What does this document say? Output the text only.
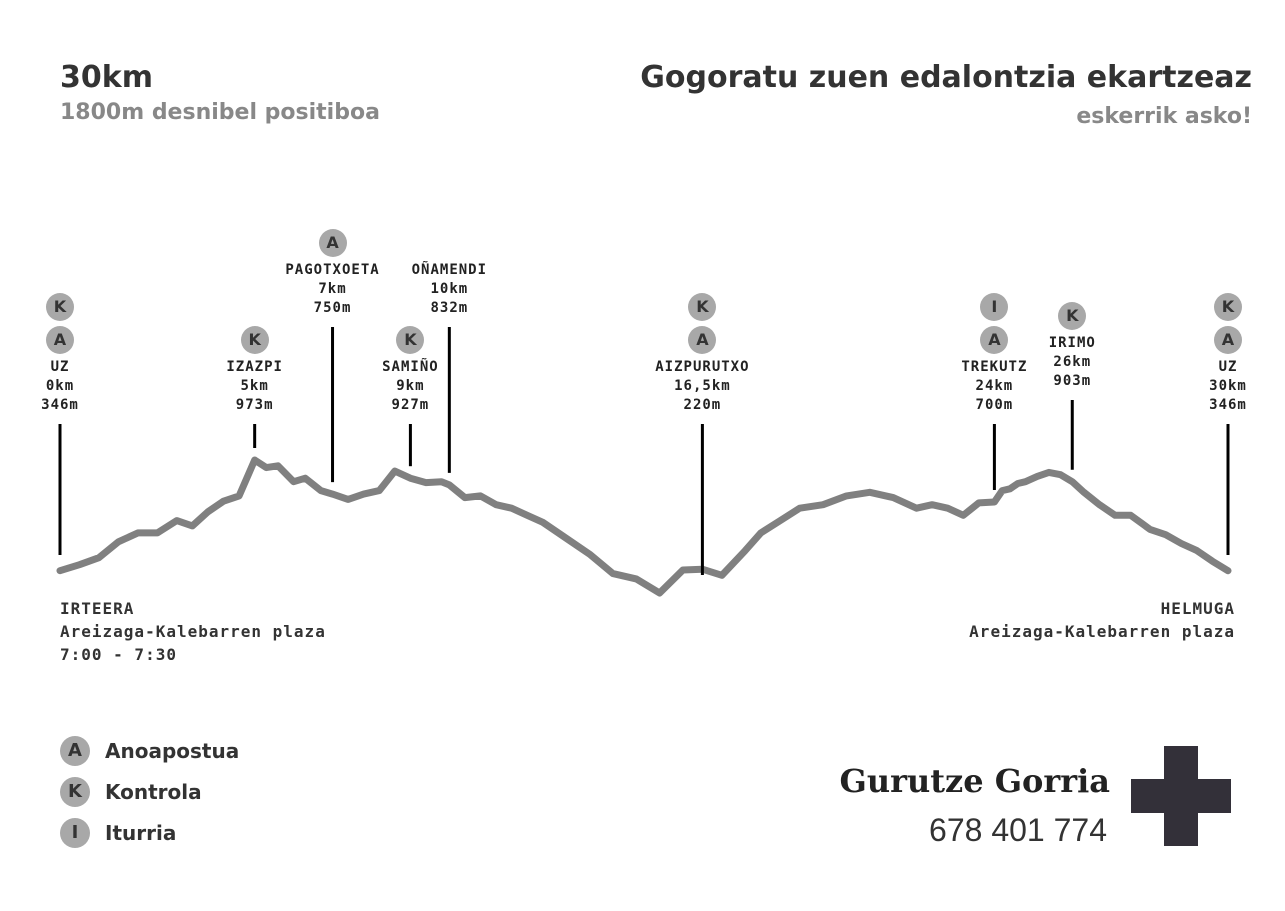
30km
1800m desnibel positiboa
Gogoratu zuen edalontzia ekartzeaz
eskerrik asko!
UZ
0km
346m
K
A
IZAZPI
5km
973m
K
PAGOTXOETA
7km
750m
A
SAMIÑO
9km
927m
K
OÑAMENDI
10km
832m
AIZPURUTXO
16,5km
220m
K
A
TREKUTZ
24km
700m
I
A	IRIMO
26km
903m
K
UZ
30km
346m
K
A
IRTEERA
Areizaga-Kalebarren plaza
7:00 - 7:30
HELMUGA
Areizaga-Kalebarren plaza
A	Anoapostua
K	Kontrola
I	Iturria
Gurutze Gorria
678 401 774
